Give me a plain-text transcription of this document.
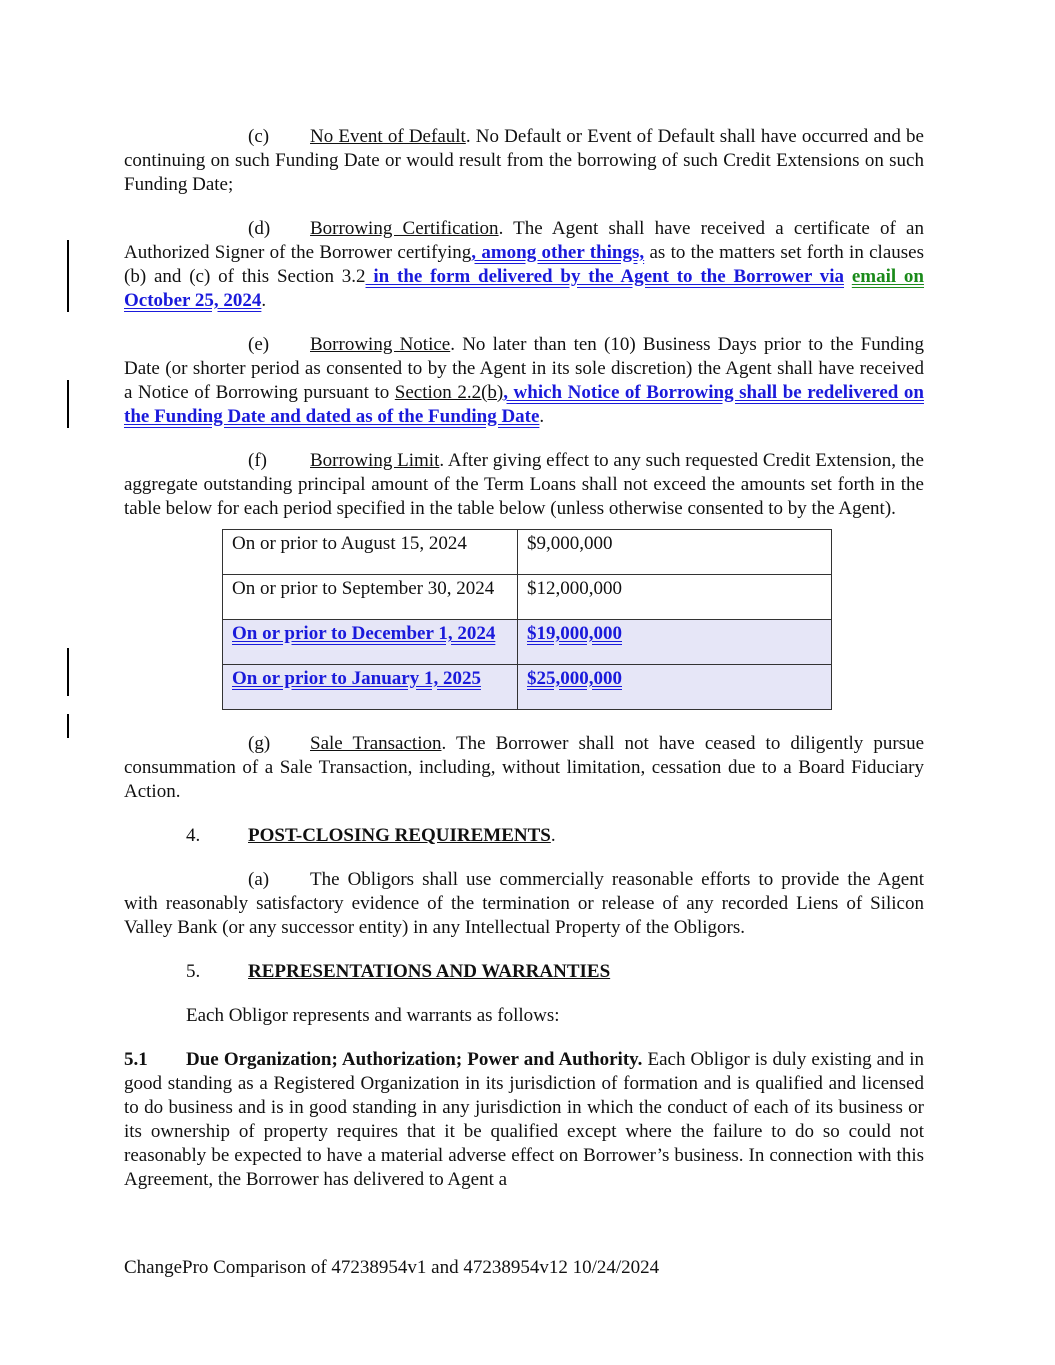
(c) No Event of Default. No Default or Event of Default shall have occurred and be continuing on such Funding Date or would result from the borrowing of such Credit Extensions on such Funding Date;

(d) Borrowing Certification. The Agent shall have received a certificate of an Authorized Signer of the Borrower certifying, among other things, as to the matters set forth in clauses (b) and (c) of this Section 3.2 in the form delivered by the Agent to the Borrower via email on October 25, 2024.

(e) Borrowing Notice. No later than ten (10) Business Days prior to the Funding Date (or shorter period as consented to by the Agent in its sole discretion) the Agent shall have received a Notice of Borrowing pursuant to Section 2.2(b), which Notice of Borrowing shall be redelivered on the Funding Date and dated as of the Funding Date.

(f) Borrowing Limit. After giving effect to any such requested Credit Extension, the aggregate outstanding principal amount of the Term Loans shall not exceed the amounts set forth in the table below for each period specified in the table below (unless otherwise consented to by the Agent).

On or prior to August 15, 2024	$9,000,000
On or prior to September 30, 2024	$12,000,000
On or prior to December 1, 2024	$19,000,000
On or prior to January 1, 2025	$25,000,000

(g) Sale Transaction. The Borrower shall not have ceased to diligently pursue consummation of a Sale Transaction, including, without limitation, cessation due to a Board Fiduciary Action.

4.	POST-CLOSING REQUIREMENTS.

(a) The Obligors shall use commercially reasonable efforts to provide the Agent with reasonably satisfactory evidence of the termination or release of any recorded Liens of Silicon Valley Bank (or any successor entity) in any Intellectual Property of the Obligors.

5.	REPRESENTATIONS AND WARRANTIES

Each Obligor represents and warrants as follows:

5.1 Due Organization; Authorization; Power and Authority. Each Obligor is duly existing and in good standing as a Registered Organization in its jurisdiction of formation and is qualified and licensed to do business and is in good standing in any jurisdiction in which the conduct of each of its business or its ownership of property requires that it be qualified except where the failure to do so could not reasonably be expected to have a material adverse effect on Borrower’s business. In connection with this Agreement, the Borrower has delivered to Agent a

ChangePro Comparison of 47238954v1 and 47238954v12 10/24/2024
